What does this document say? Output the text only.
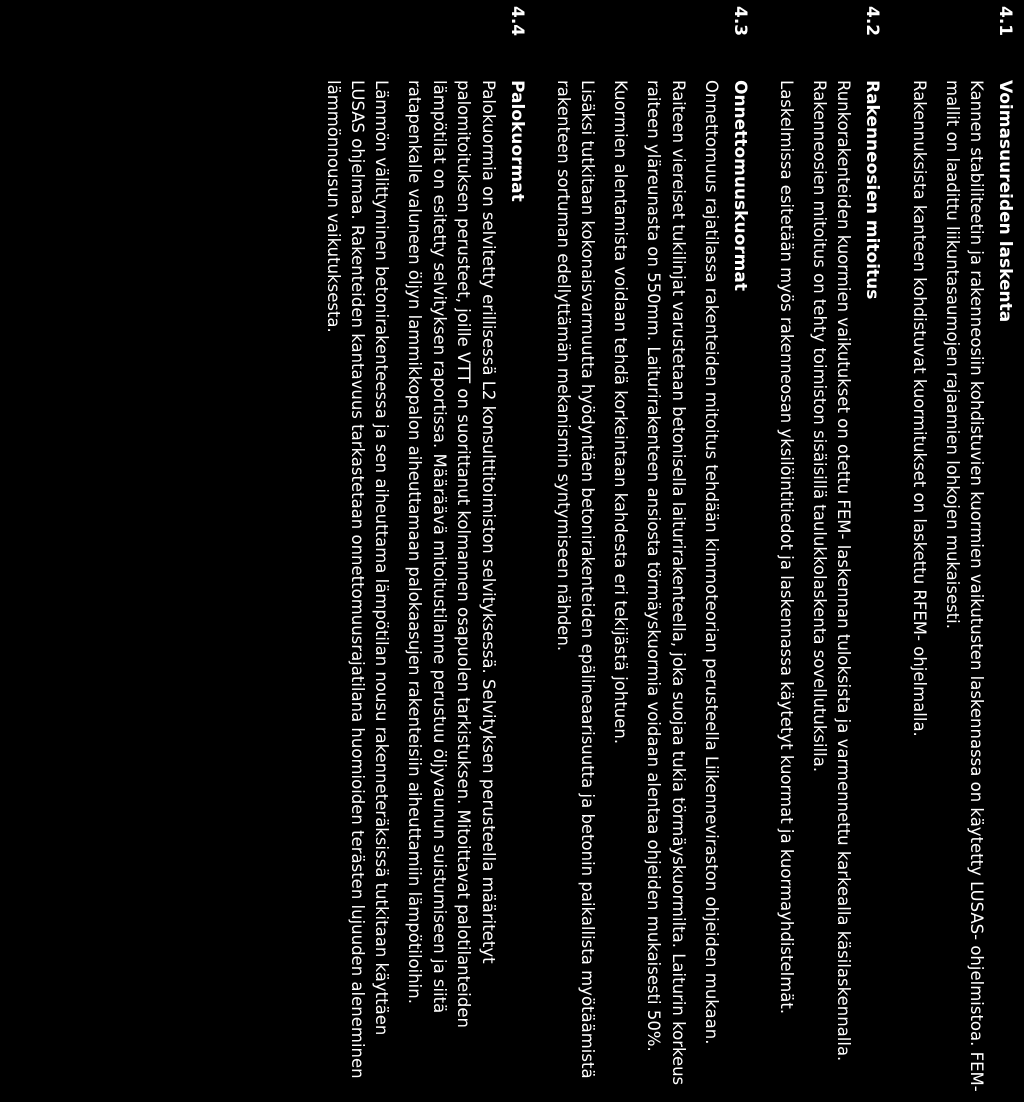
4.1
Voimasuureiden laskenta

Kannen stabiliteetin ja rakenneosiin kohdistuvien kuormien vaikutusten laskennassa on käytetty LUSAS- ohjelmistoa. FEM- mallit on laadittu liikuntasaumojen rajaamien lohkojen mukaisesti.

Rakennuksista kanteen kohdistuvat kuormitukset on laskettu RFEM- ohjelmalla.

4.2
Rakenneosien mitoitus

Runkorakenteiden kuormien vaikutukset on otettu FEM- laskennan tuloksista ja varmennettu karkealla käsilaskennalla. Rakenneosien mitoitus on tehty toimiston sisäisillä taulukkolaskenta sovellutuksilla.

Laskelmissa esitetään myös rakenneosan yksilöintitiedot ja laskennassa käytetyt kuormat ja kuormayhdistelmät.

4.3
Onnettomuuskuormat

Onnettomuus rajatilassa rakenteiden mitoitus tehdään kimmoteorian perusteella Liikenneviraston ohjeiden mukaan.

Raiteen viereiset tukilinjat varustetaan betonisella laiturirakenteella, joka suojaa tukia törmäyskuormilta. Laiturin korkeus raiteen yläreunasta on 550mm. Laiturirakenteen ansiosta törmäyskuormia voidaan alentaa ohjeiden mukaisesti 50%.

Kuormien alentamista voidaan tehdä korkeintaan kahdesta eri tekijästä johtuen.

Lisäksi tutkitaan kokonaisvarmuutta hyödyntäen betonirakenteiden epälineaarisuutta ja betonin paikallista myötäämistä rakenteen sortuman edellyttämän mekanismin syntymiseen nähden.

4.4
Palokuormat

Palokuormia on selvitetty erillisessä L2 konsulttitoimiston selvityksessä. Selvityksen perusteella määritetyt palomitoituksen perusteet, joille VTT on suorittanut kolmannen osapuolen tarkistuksen. Mitoittavat palotilanteiden lämpötilat on esitetty selvityksen raportissa. Määräävä mitoitustilanne perustuu öljyvaunun suistumiseen ja siitä ratapenkalle valuneen öljyn lammikkopalon aiheuttamaan palokaasujen rakenteisiin aiheuttamiin lämpötiloihin.

Lämmön välittyminen betonirakenteessa ja sen aiheuttama lämpötilan nousu rakenneteräksissä tutkitaan käyttäen LUSAS ohjelmaa. Rakenteiden kantavuus tarkastetaan onnettomuusrajatilana huomioiden terästen lujuuden aleneminen lämmönnousun vaikutuksesta.
